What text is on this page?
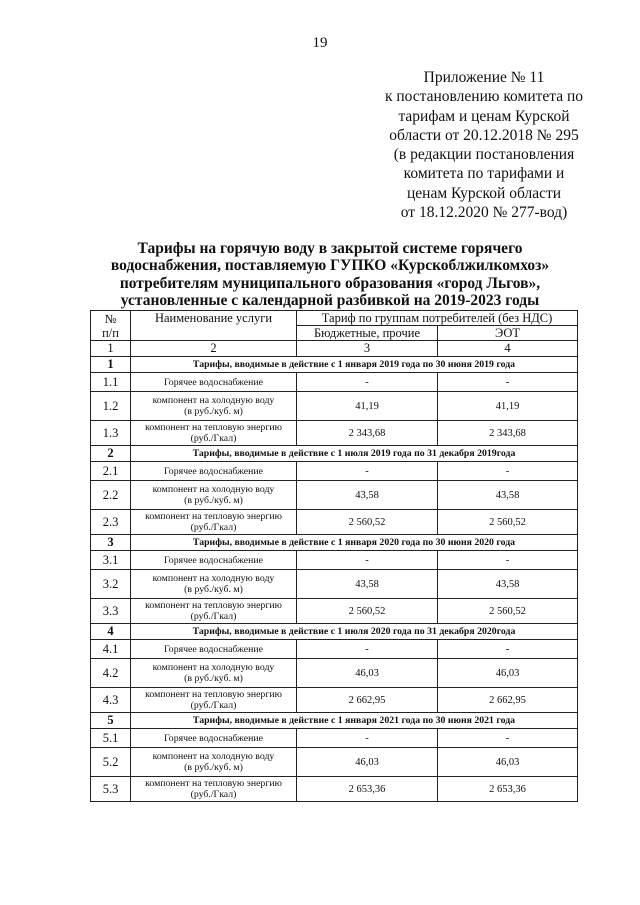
19
Приложение № 11
к постановлению комитета по
тарифам и ценам Курской
области от 20.12.2018 № 295
(в редакции постановления
комитета по тарифами и
ценам Курской области
от 18.12.2020 № 277-вод)
Тарифы на горячую воду в закрытой системе горячего
водоснабжения, поставляемую ГУПКО «Курскоблжилкомхоз»
потребителям муниципального образования «город Льгов»,
установленные с календарной разбивкой на 2019-2023 годы
№
п/п	Наименование услуги	Тариф по группам потребителей (без НДС)	
		Бюджетные, прочие	ЭОТ
1	2	3	4
1	Тарифы, вводимые в действие с 1 января 2019 года по 30 июня 2019 года		
1.1	Горячее водоснабжение	-	-
1.2	компонент на холодную воду
(в руб./куб. м)	41,19	41,19
1.3	компонент на тепловую энергию
(руб./Гкал)	2 343,68	2 343,68
2	Тарифы, вводимые в действие с 1 июля 2019 года по 31 декабря 2019года		
2.1	Горячее водоснабжение	-	-
2.2	компонент на холодную воду
(в руб./куб. м)	43,58	43,58
2.3	компонент на тепловую энергию
(руб./Гкал)	2 560,52	2 560,52
3	Тарифы, вводимые в действие с 1 января 2020 года по 30 июня 2020 года		
3.1	Горячее водоснабжение	-	-
3.2	компонент на холодную воду
(в руб./куб. м)	43,58	43,58
3.3	компонент на тепловую энергию
(руб./Гкал)	2 560,52	2 560,52
4	Тарифы, вводимые в действие с 1 июля 2020 года по 31 декабря 2020года		
4.1	Горячее водоснабжение	-	-
4.2	компонент на холодную воду
(в руб./куб. м)	46,03	46,03
4.3	компонент на тепловую энергию
(руб./Гкал)	2 662,95	2 662,95
5	Тарифы, вводимые в действие с 1 января 2021 года по 30 июня 2021 года		
5.1	Горячее водоснабжение	-	-
5.2	компонент на холодную воду
(в руб./куб. м)	46,03	46,03
5.3	компонент на тепловую энергию
(руб./Гкал)	2 653,36	2 653,36
